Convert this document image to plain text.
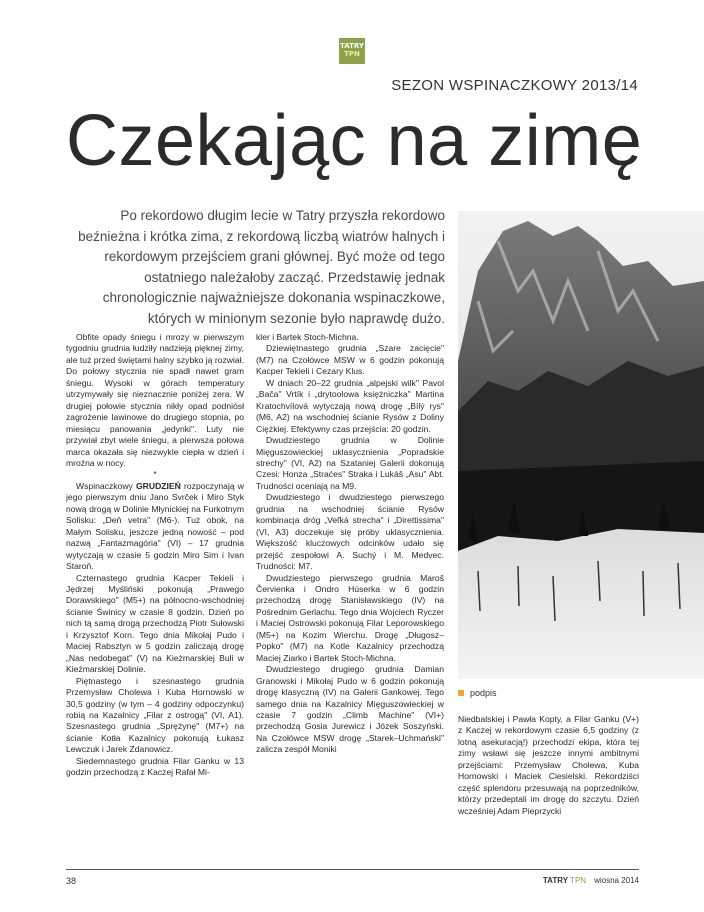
TATRY
TPN
SEZON WSPINACZKOWY 2013/14
Czekając na zimę
Po rekordowo długim lecie w Tatry przyszła rekordowo beźnieżna i krótka zima, z rekordową liczbą wiatrów halnych i rekordowym przejściem grani głównej. Być może od tego ostatniego należałoby zacząć. Przedstawię jednak chronologicznie najważniejsze dokonania wspinaczkowe, których w minionym sezonie było naprawdę dużo.
podpis

Obfite opady śniegu i mrozy w pierwszym tygodniu grudnia łudziły nadzieją pięknej zimy, ale tuż przed świętami halny szybko ją rozwiał. Do połowy stycznia nie spadł nawet gram śniegu. Wysoki w górach temperatury utrzymywały się nieznacznie poniżej zera. W drugiej połowie stycznia nikły opad podniósł zagrożenie lawinowe do drugiego stopnia, po miesiącu panowania „jedynki". Luty nie przywiał zbyt wiele śniegu, a pierwsza połowa marca okazała się niezwykle ciepła w dzień i mroźna w nocy.

*

Wspinaczkowy GRUDZIEŃ rozpoczynają w jego pierwszym dniu Jano Svrček i Miro Styk nową drogą w Dolinie Młynickiej na Furkotnym Solisku: „Deň vetra" (M6-). Tuż obok, na Małym Solisku, jeszcze jedną nowość – pod nazwą „Fantazmagória" (VI) – 17 grudnia wytyczają w czasie 5 godzin Miro Sim i Ivan Staroň.

Czternastego grudnia Kacper Tekieli i Jędrzej Myśliński pokonują „Prawego Dorawskiego" (M5+) na północno-wschodniej ścianie Świnicy w czasie 8 godzin. Dzień po nich tą samą drogą przechodzą Piotr Sułowski i Krzysztof Korn. Tego dnia Mikołaj Pudo i Maciej Rabsztyn w 5 godzin zaliczają drogę „Nas nedobegat" (V) na Kieżmarskiej Buli w Kieżmarskiej Dolinie.

Piętnastego i szesnastego grudnia Przemysław Cholewa i Kuba Hornowski w 30,5 godziny (w tym – 4 godziny odpoczynku) robią na Kazalnicy „Filar z ostrogą" (VI, A1). Szesnastego grudnia „Sprężynę" (M7+) na ścianie Kotła Kazalnicy pokonują Łukasz Lewczuk i Jarek Zdanowicz.

Siedemnastego grudnia Filar Ganku w 13 godzin przechodzą z Kaczej Rafał Mi-

kler i Bartek Stoch-Michna.

Dziewiętnastego grudnia „Szare zacięcie" (M7) na Czołówce MSW w 6 godzin pokonują Kacper Tekieli i Cezary Klus.

W dniach 20–22 grudnia „alpejski wilk" Pavol „Bača" Vrtík i „drytoolowa księżniczka" Martina Kratochvílová wytyczają nową drogę „Bílý rys" (M6, A2) na wschodniej ścianie Rysów z Doliny Ciężkiej. Efektywny czas przejścia: 20 godzin.

Dwudziestego grudnia w Dolinie Mięguszowieckiej uklasycznienia „Popradskie strechy" (VI, A2) na Szataniej Galerii dokonują Czesi: Honza „Straćes" Straka i Lukáš „Asu" Abt. Trudności oceniają na M9.

Dwudziestego i dwudziestego pierwszego grudnia na wschodniej ścianie Rysów kombinacja dróg „Veľká strecha" i „Direttissima" (VI, A3) doczekuje się próby uklasycznienia. Większość kluczowych odcinków udało się przejść zespołowi A. Suchý i M. Medvec. Trudności: M7.

Dwudziestego pierwszego grudnia Maroš Červienka i Ondro Húserka w 6 godzin przechodzą drogę Stanisławskiego (IV) na Pośrednim Gerlachu. Tego dnia Wojciech Ryczer i Maciej Ostrowski pokonują Filar Leporowskiego (M5+) na Kozim Wierchu. Drogę „Długosz–Popko" (M7) na Kotle Kazalnicy przechodzą Maciej Ziarko i Bartek Stoch-Michna.

Dwudziestego drugiego grudnia Damian Granowski i Mikołaj Pudo w 6 godzin pokonują drogę klasyczną (IV) na Galerii Gankowej. Tego samego dnia na Kazalnicy Mięguszowieckiej w czasie 7 godzin „Climb Machine" (VI+) przechodzą Gosia Jurewicz i Józek Soszyński. Na Czołówce MSW drogę „Starek–Uchmański" zalicza zespół Moniki

Niedbalskiej i Pawła Kopty, a Filar Ganku (V+) z Kaczej w rekordowym czasie 6,5 godziny (z lotną asekuracją!) przechodzi ekipa, która tej zimy wsławi się jeszcze innymi ambitnymi przejściami: Przemysław Cholewa, Kuba Hornowski i Maciek Ciesielski. Rekordziści część splendoru przesuwają na poprzedników, którzy przedeptali im drogę do szczytu. Dzień wcześniej Adam Pieprzycki

38	TATRY TPN wiosna 2014
